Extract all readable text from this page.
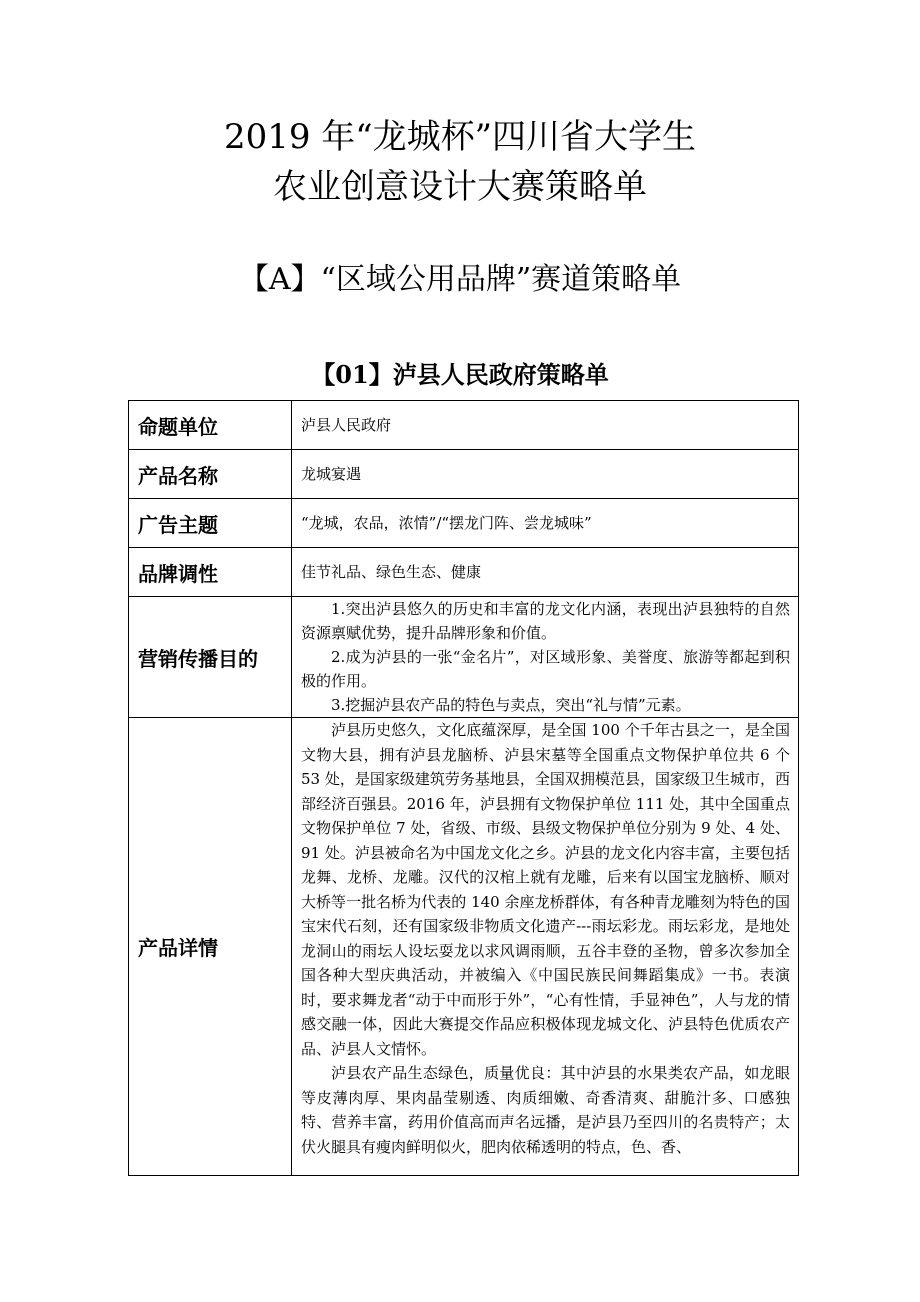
2019 年“龙城杯”四川省大学生
农业创意设计大赛策略单
【A】“区域公用品牌”赛道策略单
【01】泸县人民政府策略单
命题单位	泸县人民政府
产品名称	龙城宴遇
广告主题	“龙城，农品，浓情”/“摆龙门阵、尝龙城味”
品牌调性	佳节礼品、绿色生态、健康
营销传播目的	1.突出泸县悠久的历史和丰富的龙文化内涵，表现出泸县独特的自然资源禀赋优势，提升品牌形象和价值。

2.成为泸县的一张“金名片”，对区域形象、美誉度、旅游等都起到积极的作用。

3.挖掘泸县农产品的特色与卖点，突出“礼与情”元素。

产品详情	泸县历史悠久，文化底蕴深厚，是全国 100 个千年古县之一，是全国文物大县，拥有泸县龙脑桥、泸县宋墓等全国重点文物保护单位共 6 个 53 处，是国家级建筑劳务基地县，全国双拥模范县，国家级卫生城市，西部经济百强县。2016 年，泸县拥有文物保护单位 111 处，其中全国重点文物保护单位 7 处，省级、市级、县级文物保护单位分别为 9 处、4 处、91 处。泸县被命名为中国龙文化之乡。泸县的龙文化内容丰富，主要包括龙舞、龙桥、龙雕。汉代的汉棺上就有龙雕，后来有以国宝龙脑桥、顺对大桥等一批名桥为代表的 140 余座龙桥群体，有各种青龙雕刻为特色的国宝宋代石刻，还有国家级非物质文化遗产---雨坛彩龙。雨坛彩龙，是地处龙洞山的雨坛人设坛耍龙以求风调雨顺，五谷丰登的圣物，曾多次参加全国各种大型庆典活动，并被编入《中国民族民间舞蹈集成》一书。表演时，要求舞龙者“动于中而形于外”，“心有性情，手显神色”，人与龙的情感交融一体，因此大赛提交作品应积极体现龙城文化、泸县特色优质农产品、泸县人文情怀。

泸县农产品生态绿色，质量优良：其中泸县的水果类农产品，如龙眼等皮薄肉厚、果肉晶莹剔透、肉质细嫩、奇香清爽、甜脆汁多、口感独特、营养丰富，药用价值高而声名远播，是泸县乃至四川的名贵特产；太伏火腿具有瘦肉鲜明似火，肥肉依稀透明的特点，色、香、
